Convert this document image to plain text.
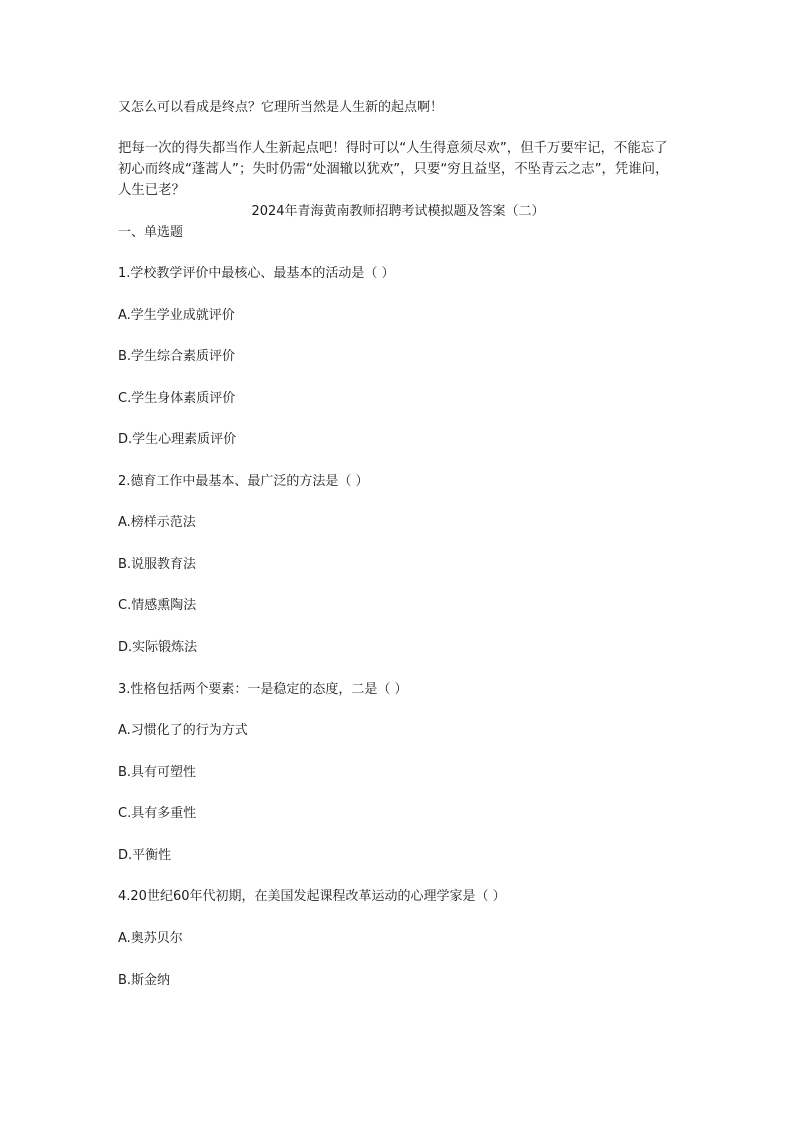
又怎么可以看成是终点？它理所当然是人生新的起点啊！
把每一次的得失都当作人生新起点吧！得时可以“人生得意须尽欢”，但千万要牢记，不能忘了初心而终成“蓬蒿人”；失时仍需“处涸辙以犹欢”，只要“穷且益坚，不坠青云之志”，凭谁问，人生已老？
2024年青海黄南教师招聘考试模拟题及答案（二）
一、单选题
1.学校教学评价中最核心、最基本的活动是（ ）
A.学生学业成就评价
B.学生综合素质评价
C.学生身体素质评价
D.学生心理素质评价
2.德育工作中最基本、最广泛的方法是（ ）
A.榜样示范法
B.说服教育法
C.情感熏陶法
D.实际锻炼法
3.性格包括两个要素：一是稳定的态度，二是（ ）
A.习惯化了的行为方式
B.具有可塑性
C.具有多重性
D.平衡性
4.20世纪60年代初期，在美国发起课程改革运动的心理学家是（ ）
A.奥苏贝尔
B.斯金纳
